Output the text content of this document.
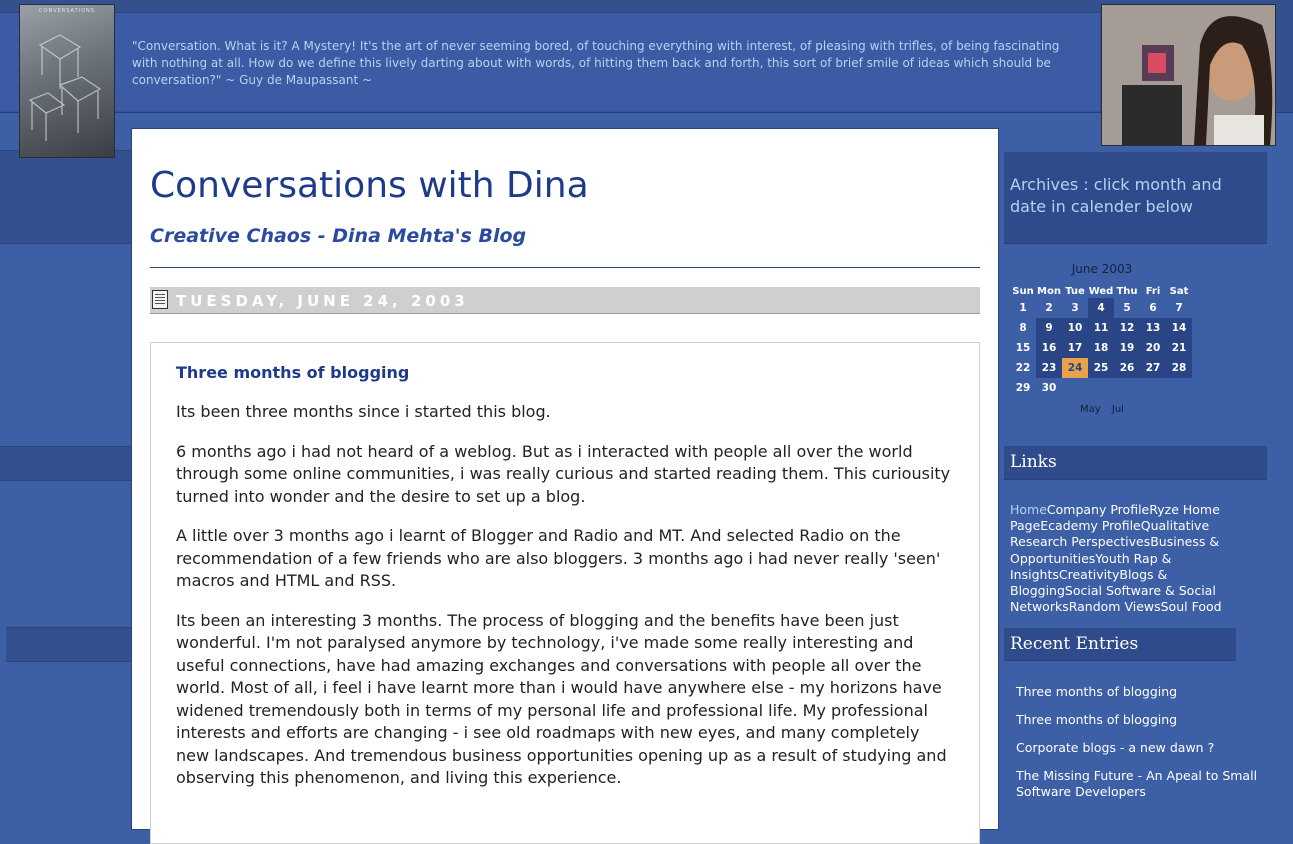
"Conversation. What is it? A Mystery! It's the art of never seeming bored, of touching everything with interest, of pleasing with trifles, of being fascinating with nothing at all. How do we define this lively darting about with words, of hitting them back and forth, this sort of brief smile of ideas which should be conversation?" ~ Guy de Maupassant ~
CONVERSATIONS
Conversations with Dina
Creative Chaos - Dina Mehta's Blog
TUESDAY, JUNE 24, 2003
Three months of blogging

Its been three months since i started this blog.

6 months ago i had not heard of a weblog. But as i interacted with people all over the world through some online communities, i was really curious and started reading them. This curiousity turned into wonder and the desire to set up a blog.

A little over 3 months ago i learnt of Blogger and Radio and MT. And selected Radio on the recommendation of a few friends who are also bloggers. 3 months ago i had never really 'seen' macros and HTML and RSS.

Its been an interesting 3 months. The process of blogging and the benefits have been just wonderful. I'm not paralysed anymore by technology, i've made some really interesting and useful connections, have had amazing exchanges and conversations with people all over the world. Most of all, i feel i have learnt more than i would have anywhere else - my horizons have widened tremendously both in terms of my personal life and professional life. My professional interests and efforts are changing - i see old roadmaps with new eyes, and many completely new landscapes. And tremendous business opportunities opening up as a result of studying and observing this phenomenon, and living this experience.

Archives : click month and date in calender below
June 2003
Sun	Mon	Tue	Wed	Thu	Fri	Sat
1	2	3	4	5	6	7
8	9	10	11	12	13	14
15	16	17	18	19	20	21
22	23	24	25	26	27	28
29	30					
May Jul
Links
HomeCompany ProfileRyze Home PageEcademy ProfileQualitative Research PerspectivesBusiness & OpportunitiesYouth Rap & InsightsCreativityBlogs & BloggingSocial Software & Social NetworksRandom ViewsSoul Food
Recent Entries
Three months of blogging
Three months of blogging
Corporate blogs - a new dawn ?
The Missing Future - An Apeal to Small Software Developers
